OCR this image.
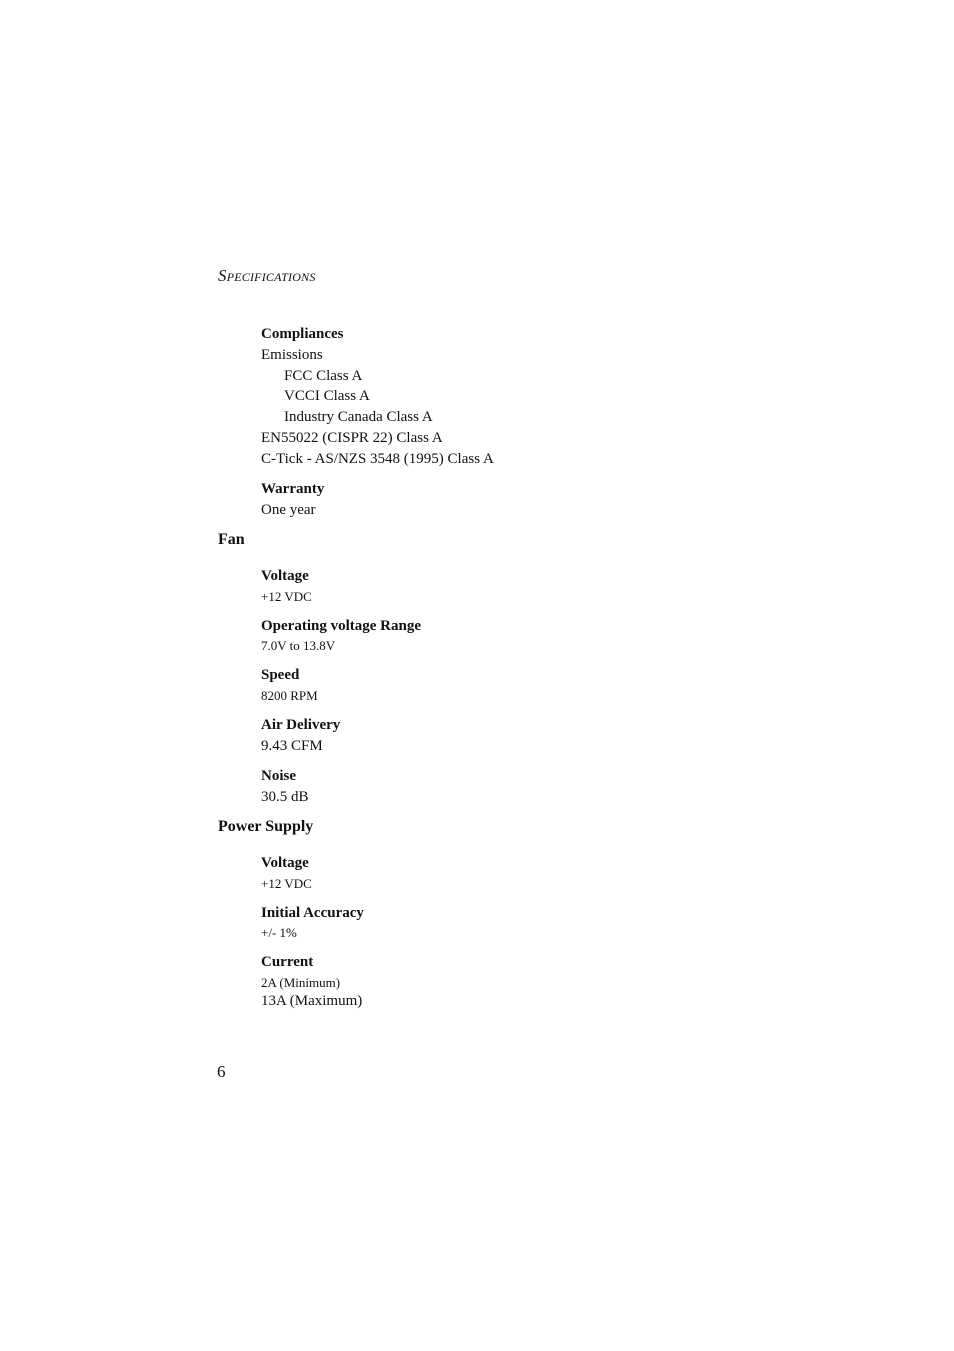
SPECIFICATIONS
Compliances
Emissions
FCC Class A
VCCI Class A
Industry Canada Class A
EN55022 (CISPR 22) Class A
C-Tick - AS/NZS 3548 (1995) Class A
Warranty
One year
Fan
Voltage
+12 VDC
Operating voltage Range
7.0V to 13.8V
Speed
8200 RPM
Air Delivery
9.43 CFM
Noise
30.5 dB
Power Supply
Voltage
+12 VDC
Initial Accuracy
+/- 1%
Current
2A (Minimum)
13A (Maximum)
6
